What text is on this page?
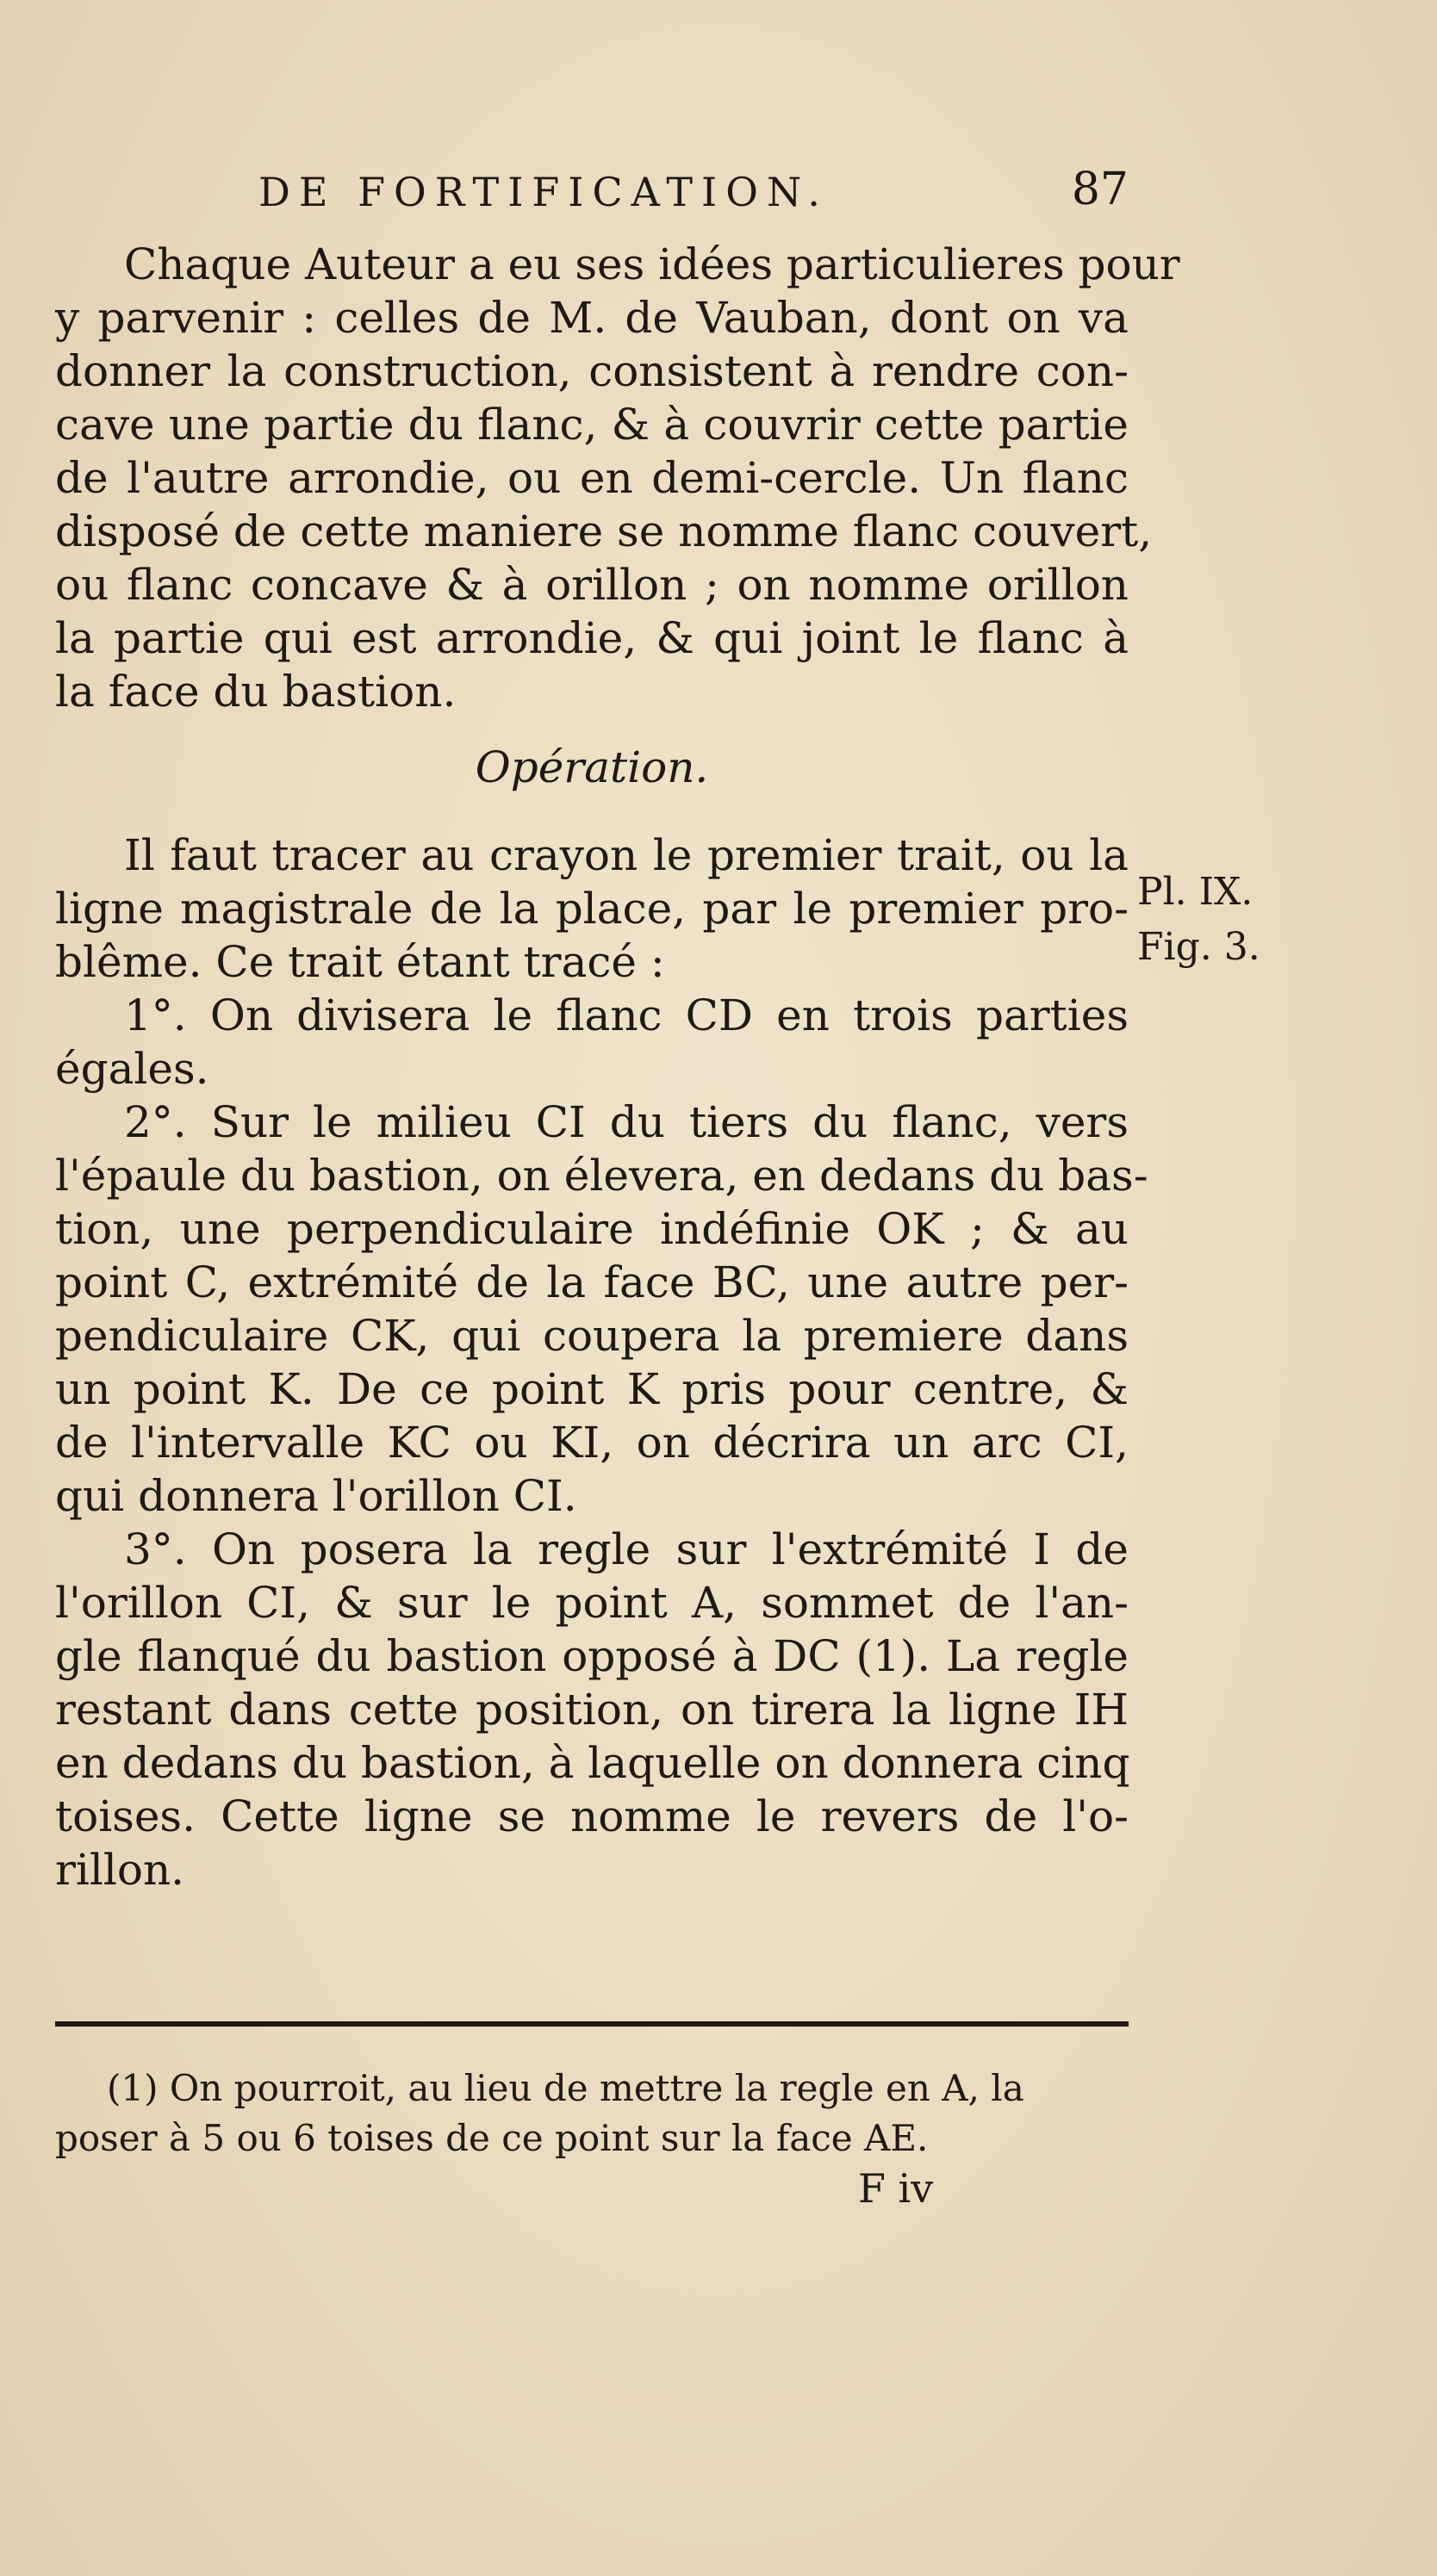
DE FORTIFICATION.	87
Chaque Auteur a eu ses idées particulieres pour
y parvenir : celles de M. de Vauban, dont on va
donner la construction, consistent à rendre con-
cave une partie du flanc, & à couvrir cette partie
de l'autre arrondie, ou en demi-cercle. Un flanc
disposé de cette maniere se nomme flanc couvert,
ou flanc concave & à orillon ; on nomme orillon
la partie qui est arrondie, & qui joint le flanc à
la face du bastion.
Opération.
Il faut tracer au crayon le premier trait, ou la
ligne magistrale de la place, par le premier pro-
blême. Ce trait étant tracé :
1°. On divisera le flanc CD en trois parties
égales.
2°. Sur le milieu CI du tiers du flanc, vers
l'épaule du bastion, on élevera, en dedans du bas-
tion, une perpendiculaire indéfinie OK ; & au
point C, extrémité de la face BC, une autre per-
pendiculaire CK, qui coupera la premiere dans
un point K. De ce point K pris pour centre, &
de l'intervalle KC ou KI, on décrira un arc CI,
qui donnera l'orillon CI.
3°. On posera la regle sur l'extrémité I de
l'orillon CI, & sur le point A, sommet de l'an-
gle flanqué du bastion opposé à DC (1). La regle
restant dans cette position, on tirera la ligne IH
en dedans du bastion, à laquelle on donnera cinq
toises. Cette ligne se nomme le revers de l'o-
rillon.
Pl. IX.
Fig. 3.
(1) On pourroit, au lieu de mettre la regle en A, la
poser à 5 ou 6 toises de ce point sur la face AE.
F iv
